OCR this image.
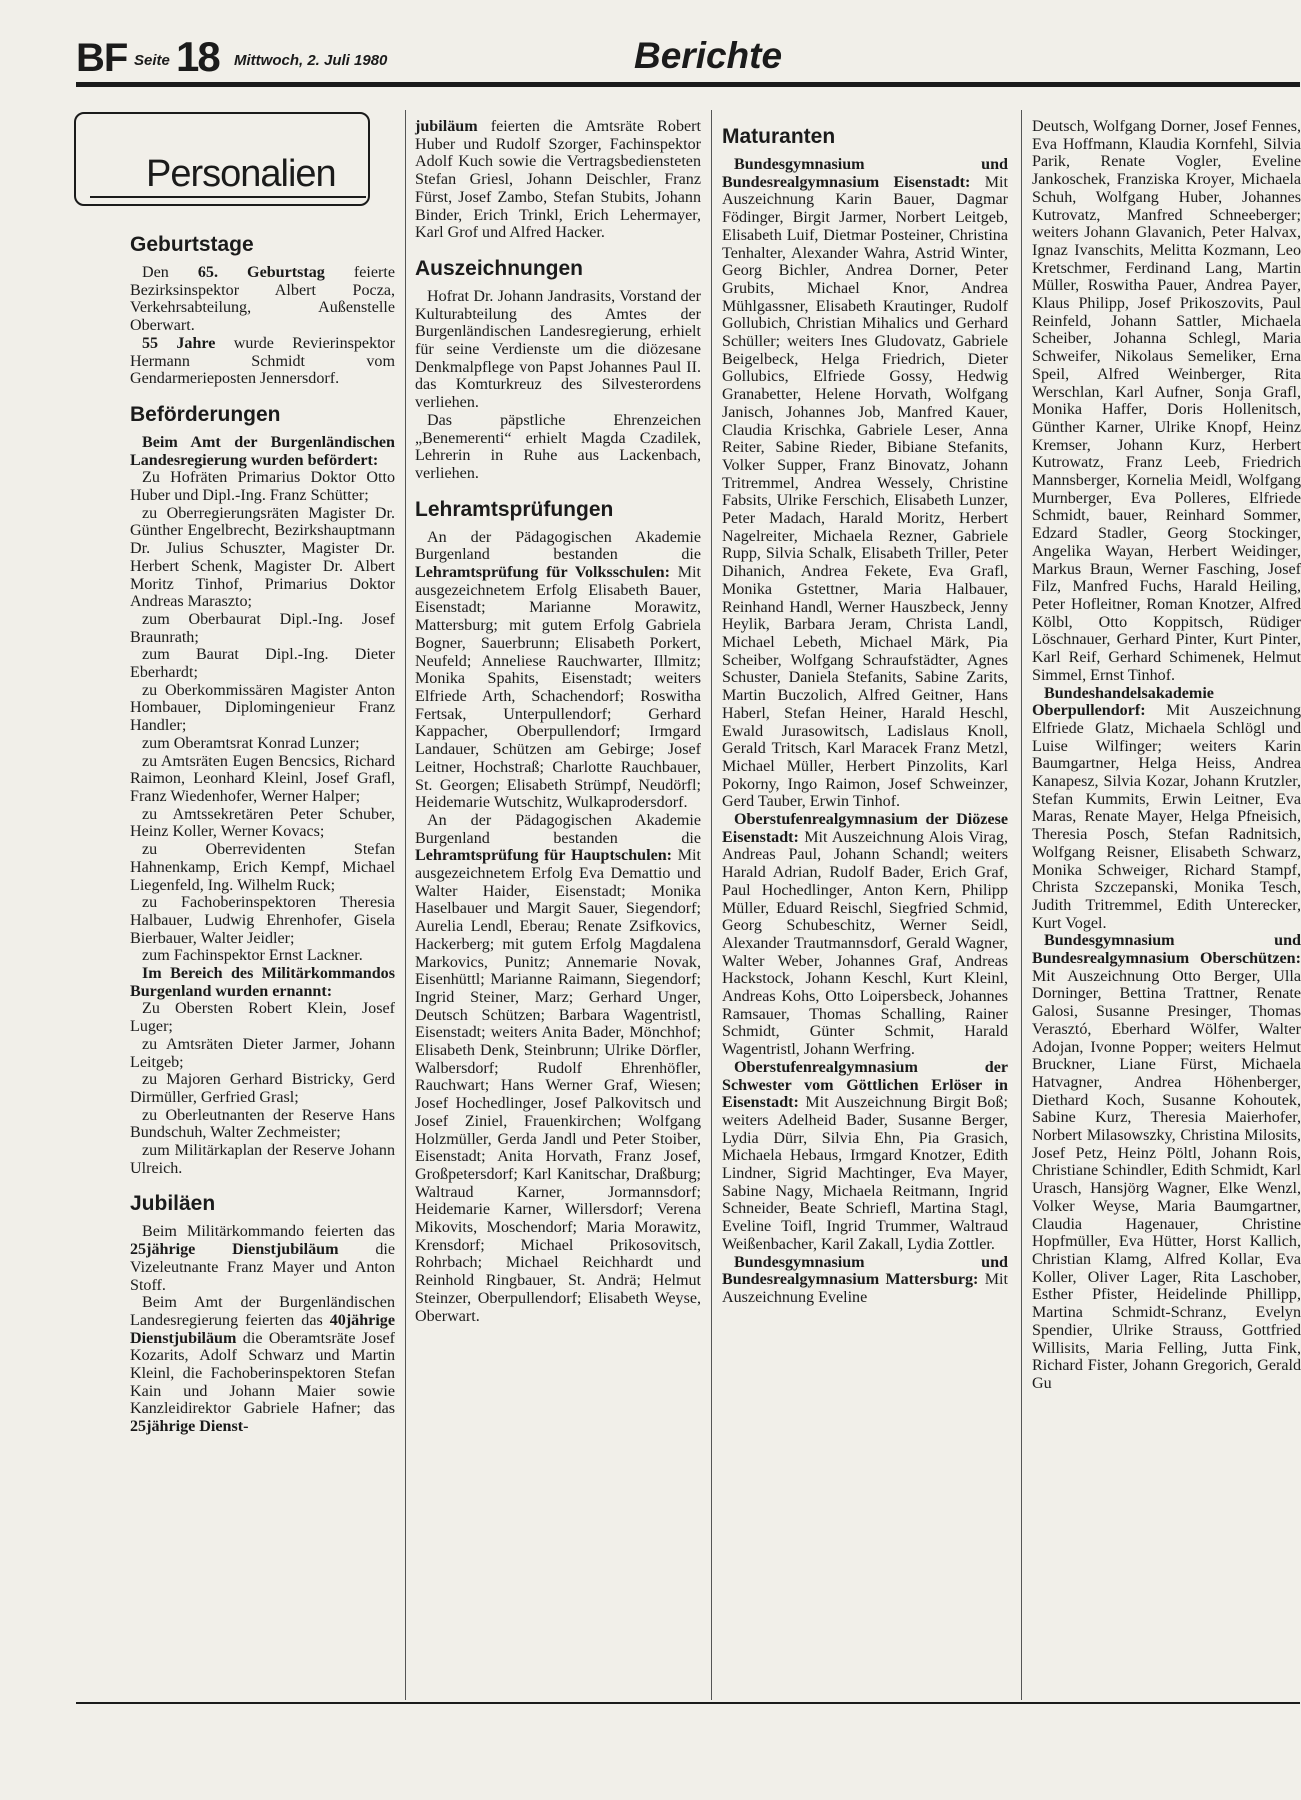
BF Seite 18 Mittwoch, 2. Juli 1980	Berichte
Personalien
Geburtstage

Den 65. Geburtstag feierte Bezirksinspektor Albert Pocza, Verkehrsabteilung, Außenstelle Oberwart.

55 Jahre wurde Revierinspektor Hermann Schmidt vom Gendarmerieposten Jennersdorf.

Beförderungen

Beim Amt der Burgenländischen Landesregierung wurden befördert:

Zu Hofräten Primarius Doktor Otto Huber und Dipl.-Ing. Franz Schütter;

zu Oberregierungsräten Magister Dr. Günther Engelbrecht, Bezirkshauptmann Dr. Julius Schuszter, Magister Dr. Herbert Schenk, Magister Dr. Albert Moritz Tinhof, Primarius Doktor Andreas Maraszto;

zum Oberbaurat Dipl.-Ing. Josef Braunrath;

zum Baurat Dipl.-Ing. Dieter Eberhardt;

zu Oberkommissären Magister Anton Hombauer, Diplomingenieur Franz Handler;

zum Oberamtsrat Konrad Lunzer;

zu Amtsräten Eugen Bencsics, Richard Raimon, Leonhard Kleinl, Josef Grafl, Franz Wiedenhofer, Werner Halper;

zu Amtssekretären Peter Schuber, Heinz Koller, Werner Kovacs;

zu Oberrevidenten Stefan Hahnenkamp, Erich Kempf, Michael Liegenfeld, Ing. Wilhelm Ruck;

zu Fachoberinspektoren Theresia Halbauer, Ludwig Ehrenhofer, Gisela Bierbauer, Walter Jeidler;

zum Fachinspektor Ernst Lackner.

Im Bereich des Militärkommandos Burgenland wurden ernannt:

Zu Obersten Robert Klein, Josef Luger;

zu Amtsräten Dieter Jarmer, Johann Leitgeb;

zu Majoren Gerhard Bistricky, Gerd Dirmüller, Gerfried Grasl;

zu Oberleutnanten der Reserve Hans Bundschuh, Walter Zechmeister;

zum Militärkaplan der Reserve Johann Ulreich.

Jubiläen

Beim Militärkommando feierten das 25jährige Dienstjubiläum die Vizeleutnante Franz Mayer und Anton Stoff.

Beim Amt der Burgenländischen Landesregierung feierten das 40jährige Dienstjubiläum die Oberamtsräte Josef Kozarits, Adolf Schwarz und Martin Kleinl, die Fachoberinspektoren Stefan Kain und Johann Maier sowie Kanzleidirektor Gabriele Hafner; das 25jährige Dienst-

jubiläum feierten die Amtsräte Robert Huber und Rudolf Szorger, Fachinspektor Adolf Kuch sowie die Vertragsbediensteten Stefan Griesl, Johann Deischler, Franz Fürst, Josef Zambo, Stefan Stubits, Johann Binder, Erich Trinkl, Erich Lehermayer, Karl Grof und Alfred Hacker.

Auszeichnungen

Hofrat Dr. Johann Jandrasits, Vorstand der Kulturabteilung des Amtes der Burgenländischen Landesregierung, erhielt für seine Verdienste um die diözesane Denkmalpflege von Papst Johannes Paul II. das Komturkreuz des Silvesterordens verliehen.

Das päpstliche Ehrenzeichen „Benemerenti“ erhielt Magda Czadilek, Lehrerin in Ruhe aus Lackenbach, verliehen.

Lehramtsprüfungen

An der Pädagogischen Akademie Burgenland bestanden die Lehramtsprüfung für Volksschulen: Mit ausgezeichnetem Erfolg Elisabeth Bauer, Eisenstadt; Marianne Morawitz, Mattersburg; mit gutem Erfolg Gabriela Bogner, Sauerbrunn; Elisabeth Porkert, Neufeld; Anneliese Rauchwarter, Illmitz; Monika Spahits, Eisenstadt; weiters Elfriede Arth, Schachendorf; Roswitha Fertsak, Unterpullendorf; Gerhard Kappacher, Oberpullendorf; Irmgard Landauer, Schützen am Gebirge; Josef Leitner, Hochstraß; Charlotte Rauchbauer, St. Georgen; Elisabeth Strümpf, Neudörfl; Heidemarie Wutschitz, Wulkaprodersdorf.

An der Pädagogischen Akademie Burgenland bestanden die Lehramtsprüfung für Hauptschulen: Mit ausgezeichnetem Erfolg Eva Demattio und Walter Haider, Eisenstadt; Monika Haselbauer und Margit Sauer, Siegendorf; Aurelia Lendl, Eberau; Renate Zsifkovics, Hackerberg; mit gutem Erfolg Magdalena Markovics, Punitz; Annemarie Novak, Eisenhüttl; Marianne Raimann, Siegendorf; Ingrid Steiner, Marz; Gerhard Unger, Deutsch Schützen; Barbara Wagentristl, Eisenstadt; weiters Anita Bader, Mönchhof; Elisabeth Denk, Steinbrunn; Ulrike Dörfler, Walbersdorf; Rudolf Ehrenhöfler, Rauchwart; Hans Werner Graf, Wiesen; Josef Hochedlinger, Josef Palkovitsch und Josef Ziniel, Frauenkirchen; Wolfgang Holzmüller, Gerda Jandl und Peter Stoiber, Eisenstadt; Anita Horvath, Franz Josef, Großpetersdorf; Karl Kanitschar, Draßburg; Waltraud Karner, Jormannsdorf; Heidemarie Karner, Willersdorf; Verena Mikovits, Moschendorf; Maria Morawitz, Krensdorf; Michael Prikosovitsch, Rohrbach; Michael Reichhardt und Reinhold Ringbauer, St. Andrä; Helmut Steinzer, Oberpullendorf; Elisabeth Weyse, Oberwart.

Maturanten

Bundesgymnasium und Bundesrealgymnasium Eisenstadt: Mit Auszeichnung Karin Bauer, Dagmar Födinger, Birgit Jarmer, Norbert Leitgeb, Elisabeth Luif, Dietmar Posteiner, Christina Tenhalter, Alexander Wahra, Astrid Winter, Georg Bichler, Andrea Dorner, Peter Grubits, Michael Knor, Andrea Mühlgassner, Elisabeth Krautinger, Rudolf Gollubich, Christian Mihalics und Gerhard Schüller; weiters Ines Gludovatz, Gabriele Beigelbeck, Helga Friedrich, Dieter Gollubics, Elfriede Gossy, Hedwig Granabetter, Helene Horvath, Wolfgang Janisch, Johannes Job, Manfred Kauer, Claudia Krischka, Gabriele Leser, Anna Reiter, Sabine Rieder, Bibiane Stefanits, Volker Supper, Franz Binovatz, Johann Tritremmel, Andrea Wessely, Christine Fabsits, Ulrike Ferschich, Elisabeth Lunzer, Peter Madach, Harald Moritz, Herbert Nagelreiter, Michaela Rezner, Gabriele Rupp, Silvia Schalk, Elisabeth Triller, Peter Dihanich, Andrea Fekete, Eva Grafl, Monika Gstettner, Maria Halbauer, Reinhand Handl, Werner Hauszbeck, Jenny Heylik, Barbara Jeram, Christa Landl, Michael Lebeth, Michael Märk, Pia Scheiber, Wolfgang Schraufstädter, Agnes Schuster, Daniela Stefanits, Sabine Zarits, Martin Buczolich, Alfred Geitner, Hans Haberl, Stefan Heiner, Harald Heschl, Ewald Jurasowitsch, Ladislaus Knoll, Gerald Tritsch, Karl Maracek Franz Metzl, Michael Müller, Herbert Pinzolits, Karl Pokorny, Ingo Raimon, Josef Schweinzer, Gerd Tauber, Erwin Tinhof.

Oberstufenrealgymnasium der Diözese Eisenstadt: Mit Auszeichnung Alois Virag, Andreas Paul, Johann Schandl; weiters Harald Adrian, Rudolf Bader, Erich Graf, Paul Hochedlinger, Anton Kern, Philipp Müller, Eduard Reischl, Siegfried Schmid, Georg Schubeschitz, Werner Seidl, Alexander Trautmannsdorf, Gerald Wagner, Walter Weber, Johannes Graf, Andreas Hackstock, Johann Keschl, Kurt Kleinl, Andreas Kohs, Otto Loipersbeck, Johannes Ramsauer, Thomas Schalling, Rainer Schmidt, Günter Schmit, Harald Wagentristl, Johann Werfring.

Oberstufenrealgymnasium der Schwester vom Göttlichen Erlöser in Eisenstadt: Mit Auszeichnung Birgit Boß; weiters Adelheid Bader, Susanne Berger, Lydia Dürr, Silvia Ehn, Pia Grasich, Michaela Hebaus, Irmgard Knotzer, Edith Lindner, Sigrid Machtinger, Eva Mayer, Sabine Nagy, Michaela Reitmann, Ingrid Schneider, Beate Schriefl, Martina Stagl, Eveline Toifl, Ingrid Trummer, Waltraud Weißenbacher, Karil Zakall, Lydia Zottler.

Bundesgymnasium und Bundesrealgymnasium Mattersburg: Mit Auszeichnung Eveline

Deutsch, Wolfgang Dorner, Josef Fennes, Eva Hoffmann, Klaudia Kornfehl, Silvia Parik, Renate Vogler, Eveline Jankoschek, Franziska Kroyer, Michaela Schuh, Wolfgang Huber, Johannes Kutrovatz, Manfred Schneeberger; weiters Johann Glavanich, Peter Halvax, Ignaz Ivanschits, Melitta Kozmann, Leo Kretschmer, Ferdinand Lang, Martin Müller, Roswitha Pauer, Andrea Payer, Klaus Philipp, Josef Prikoszovits, Paul Reinfeld, Johann Sattler, Michaela Scheiber, Johanna Schlegl, Maria Schweifer, Nikolaus Semeliker, Erna Speil, Alfred Weinberger, Rita Werschlan, Karl Aufner, Sonja Grafl, Monika Haffer, Doris Hollenitsch, Günther Karner, Ulrike Knopf, Heinz Kremser, Johann Kurz, Herbert Kutrowatz, Franz Leeb, Friedrich Mannsberger, Kornelia Meidl, Wolfgang Murnberger, Eva Polleres, Elfriede Schmidt, bauer, Reinhard Sommer, Edzard Stadler, Georg Stockinger, Angelika Wayan, Herbert Weidinger, Markus Braun, Werner Fasching, Josef Filz, Manfred Fuchs, Harald Heiling, Peter Hofleitner, Roman Knotzer, Alfred Kölbl, Otto Koppitsch, Rüdiger Löschnauer, Gerhard Pinter, Kurt Pinter, Karl Reif, Gerhard Schimenek, Helmut Simmel, Ernst Tinhof.

Bundeshandelsakademie Oberpullendorf: Mit Auszeichnung Elfriede Glatz, Michaela Schlögl und Luise Wilfinger; weiters Karin Baumgartner, Helga Heiss, Andrea Kanapesz, Silvia Kozar, Johann Krutzler, Stefan Kummits, Erwin Leitner, Eva Maras, Renate Mayer, Helga Pfneisich, Theresia Posch, Stefan Radnitsich, Wolfgang Reisner, Elisabeth Schwarz, Monika Schweiger, Richard Stampf, Christa Szczepanski, Monika Tesch, Judith Tritremmel, Edith Unterecker, Kurt Vogel.

Bundesgymnasium und Bundesrealgymnasium Oberschützen: Mit Auszeichnung Otto Berger, Ulla Dorninger, Bettina Trattner, Renate Galosi, Susanne Presinger, Thomas Verasztó, Eberhard Wölfer, Walter Adojan, Ivonne Popper; weiters Helmut Bruckner, Liane Fürst, Michaela Hatvagner, Andrea Höhenberger, Diethard Koch, Susanne Kohoutek, Sabine Kurz, Theresia Maierhofer, Norbert Milasowszky, Christina Milosits, Josef Petz, Heinz Pöltl, Johann Rois, Christiane Schindler, Edith Schmidt, Karl Urasch, Hansjörg Wagner, Elke Wenzl, Volker Weyse, Maria Baumgartner, Claudia Hagenauer, Christine Hopfmüller, Eva Hütter, Horst Kallich, Christian Klamg, Alfred Kollar, Eva Koller, Oliver Lager, Rita Laschober, Esther Pfister, Heidelinde Phillipp, Martina Schmidt-Schranz, Evelyn Spendier, Ulrike Strauss, Gottfried Willisits, Maria Felling, Jutta Fink, Richard Fister, Johann Gregorich, Gerald Gu
